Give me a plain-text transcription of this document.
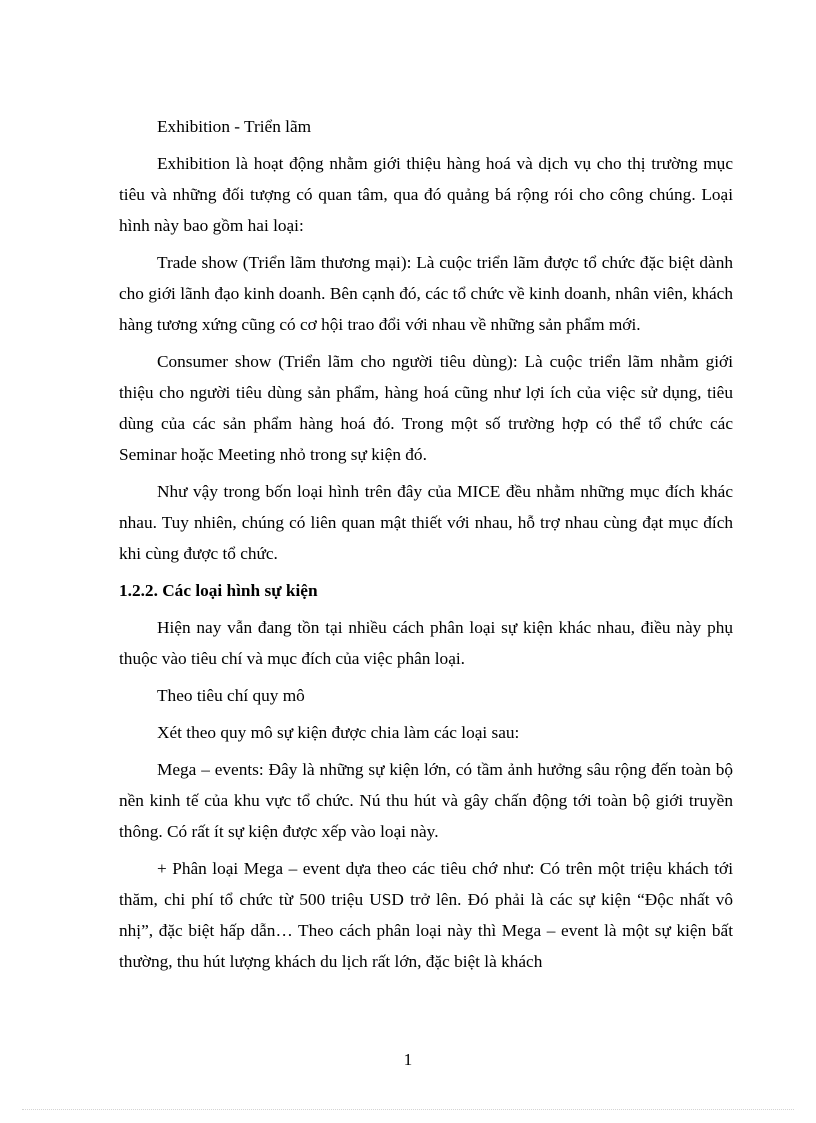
Exhibition - Triển lãm

Exhibition là hoạt động nhằm giới thiệu hàng hoá và dịch vụ cho thị trường mục tiêu và những đối tượng có quan tâm, qua đó quảng bá rộng rói cho công chúng. Loại hình này bao gồm hai loại:

Trade show (Triển lãm thương mại): Là cuộc triển lãm được tổ chức đặc biệt dành cho giới lãnh đạo kinh doanh. Bên cạnh đó, các tổ chức về kinh doanh, nhân viên, khách hàng tương xứng cũng có cơ hội trao đổi với nhau về những sản phẩm mới.

Consumer show (Triển lãm cho người tiêu dùng): Là cuộc triển lãm nhằm giới thiệu cho người tiêu dùng sản phẩm, hàng hoá cũng như lợi ích của việc sử dụng, tiêu dùng của các sản phẩm hàng hoá đó. Trong một số trường hợp có thể tổ chức các Seminar hoặc Meeting nhỏ trong sự kiện đó.

Như vậy trong bốn loại hình trên đây của MICE đều nhằm những mục đích khác nhau. Tuy nhiên, chúng có liên quan mật thiết với nhau, hỗ trợ nhau cùng đạt mục đích khi cùng được tổ chức.

1.2.2. Các loại hình sự kiện

Hiện nay vẫn đang tồn tại nhiều cách phân loại sự kiện khác nhau, điều này phụ thuộc vào tiêu chí và mục đích của việc phân loại.

Theo tiêu chí quy mô

Xét theo quy mô sự kiện được chia làm các loại sau:

Mega – events: Đây là những sự kiện lớn, có tầm ảnh hưởng sâu rộng đến toàn bộ nền kinh tế của khu vực tổ chức. Nú thu hút và gây chấn động tới toàn bộ giới truyền thông. Có rất ít sự kiện được xếp vào loại này.

+ Phân loại Mega – event dựa theo các tiêu chớ như: Có trên một triệu khách tới thăm, chi phí tổ chức từ 500 triệu USD trở lên. Đó phải là các sự kiện “Độc nhất vô nhị”, đặc biệt hấp dẫn… Theo cách phân loại này thì Mega – event là một sự kiện bất thường, thu hút lượng khách du lịch rất lớn, đặc biệt là khách

1
